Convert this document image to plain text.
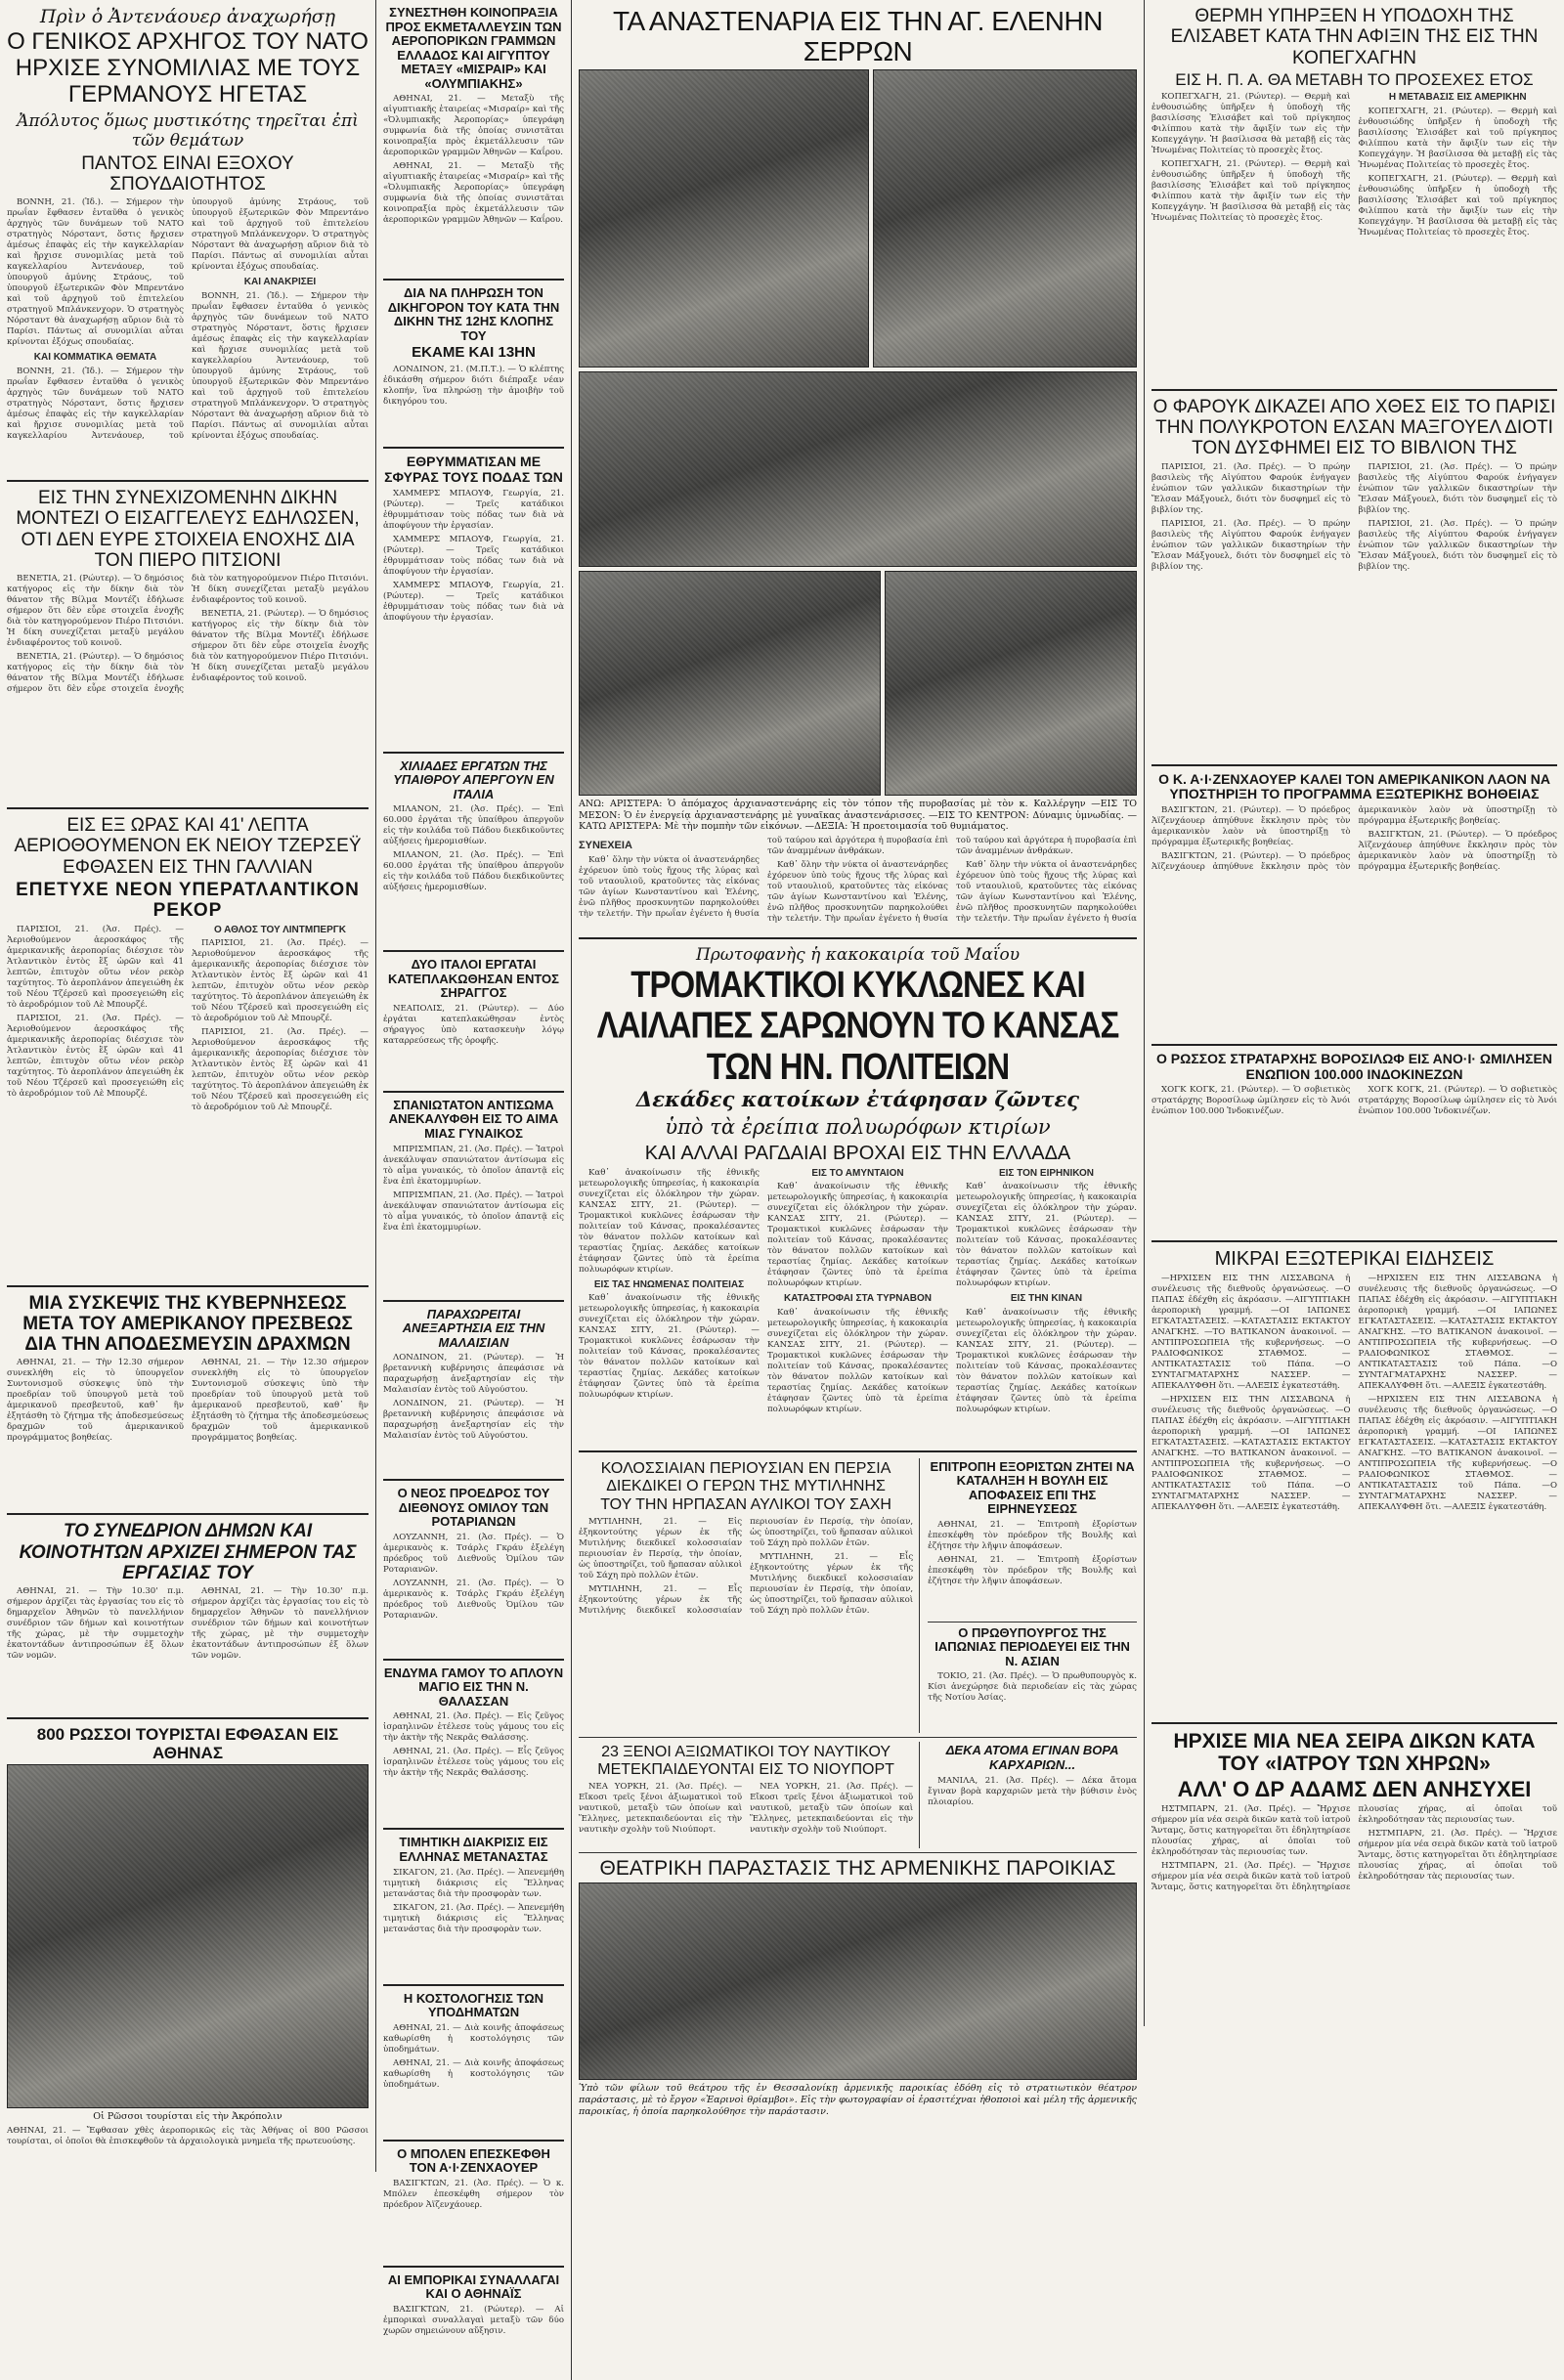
Πρὶν ὁ Ἀντενάουερ ἀναχωρήσῃ
Ο ΓΕΝΙΚΟΣ ΑΡΧΗΓΟΣ ΤΟΥ ΝΑΤΟ ΗΡΧΙΣΕ ΣΥΝΟΜΙΛΙΑΣ ΜΕ ΤΟΥΣ ΓΕΡΜΑΝΟΥΣ ΗΓΕΤΑΣ
Ἀπόλυτος ὅμως μυστικότης τηρεῖται ἐπὶ τῶν θεμάτων
ΠΑΝΤΟΣ ΕΙΝΑΙ ΕΞΟΧΟΥ ΣΠΟΥΔΑΙΟΤΗΤΟΣ

ΒΟΝΝΗ, 21. (Ἰδ.). — Σήμερον τὴν πρωΐαν ἔφθασεν ἐνταῦθα ὁ γενικὸς ἀρχηγὸς τῶν δυνάμεων τοῦ ΝΑΤΟ στρατηγὸς Νόρσταντ, ὅστις ἤρχισεν ἀμέσως ἐπαφὰς εἰς τὴν καγκελλαρίαν καὶ ἤρχισε συνομιλίας μετὰ τοῦ καγκελλαρίου Ἀντενάουερ, τοῦ ὑπουργοῦ ἀμύνης Στράους, τοῦ ὑπουργοῦ ἐξωτερικῶν Φὸν Μπρεντάνο καὶ τοῦ ἀρχηγοῦ τοῦ ἐπιτελείου στρατηγοῦ Μπλάνκενχορν. Ὁ στρατηγὸς Νόρσταντ θὰ ἀναχωρήσῃ αὔριον διὰ τὸ Παρίσι. Πάντως αἱ συνομιλίαι αὗται κρίνονται ἐξόχως σπουδαίας.

ΚΑΙ ΚΟΜΜΑΤΙΚΑ ΘΕΜΑΤΑ

ΒΟΝΝΗ, 21. (Ἰδ.). — Σήμερον τὴν πρωΐαν ἔφθασεν ἐνταῦθα ὁ γενικὸς ἀρχηγὸς τῶν δυνάμεων τοῦ ΝΑΤΟ στρατηγὸς Νόρσταντ, ὅστις ἤρχισεν ἀμέσως ἐπαφὰς εἰς τὴν καγκελλαρίαν καὶ ἤρχισε συνομιλίας μετὰ τοῦ καγκελλαρίου Ἀντενάουερ, τοῦ ὑπουργοῦ ἀμύνης Στράους, τοῦ ὑπουργοῦ ἐξωτερικῶν Φὸν Μπρεντάνο καὶ τοῦ ἀρχηγοῦ τοῦ ἐπιτελείου στρατηγοῦ Μπλάνκενχορν. Ὁ στρατηγὸς Νόρσταντ θὰ ἀναχωρήσῃ αὔριον διὰ τὸ Παρίσι. Πάντως αἱ συνομιλίαι αὗται κρίνονται ἐξόχως σπουδαίας.

ΚΑΙ ΑΝΑΚΡΙΣΕΙ

ΒΟΝΝΗ, 21. (Ἰδ.). — Σήμερον τὴν πρωΐαν ἔφθασεν ἐνταῦθα ὁ γενικὸς ἀρχηγὸς τῶν δυνάμεων τοῦ ΝΑΤΟ στρατηγὸς Νόρσταντ, ὅστις ἤρχισεν ἀμέσως ἐπαφὰς εἰς τὴν καγκελλαρίαν καὶ ἤρχισε συνομιλίας μετὰ τοῦ καγκελλαρίου Ἀντενάουερ, τοῦ ὑπουργοῦ ἀμύνης Στράους, τοῦ ὑπουργοῦ ἐξωτερικῶν Φὸν Μπρεντάνο καὶ τοῦ ἀρχηγοῦ τοῦ ἐπιτελείου στρατηγοῦ Μπλάνκενχορν. Ὁ στρατηγὸς Νόρσταντ θὰ ἀναχωρήσῃ αὔριον διὰ τὸ Παρίσι. Πάντως αἱ συνομιλίαι αὗται κρίνονται ἐξόχως σπουδαίας.

ΕΙΣ ΤΗΝ ΣΥΝΕΧΙΖΟΜΕΝΗΝ ΔΙΚΗΝ ΜΟΝΤΕΖΙ Ο ΕΙΣΑΓΓΕΛΕΥΣ ΕΔΗΛΩΣΕΝ, ΟΤΙ ΔΕΝ ΕΥΡΕ ΣΤΟΙΧΕΙΑ ΕΝΟΧΗΣ ΔΙΑ ΤΟΝ ΠΙΕΡΟ ΠΙΤΣΙΟΝΙ

ΒΕΝΕΤΙΑ, 21. (Ρώυτερ). — Ὁ δημόσιος κατήγορος εἰς τὴν δίκην διὰ τὸν θάνατον τῆς Βίλμα Μοντέζι ἐδήλωσε σήμερον ὅτι δὲν εὗρε στοιχεῖα ἐνοχῆς διὰ τὸν κατηγορούμενον Πιέρο Πιτσιόνι. Ἡ δίκη συνεχίζεται μεταξὺ μεγάλου ἐνδιαφέροντος τοῦ κοινοῦ.

ΒΕΝΕΤΙΑ, 21. (Ρώυτερ). — Ὁ δημόσιος κατήγορος εἰς τὴν δίκην διὰ τὸν θάνατον τῆς Βίλμα Μοντέζι ἐδήλωσε σήμερον ὅτι δὲν εὗρε στοιχεῖα ἐνοχῆς διὰ τὸν κατηγορούμενον Πιέρο Πιτσιόνι. Ἡ δίκη συνεχίζεται μεταξὺ μεγάλου ἐνδιαφέροντος τοῦ κοινοῦ.

ΒΕΝΕΤΙΑ, 21. (Ρώυτερ). — Ὁ δημόσιος κατήγορος εἰς τὴν δίκην διὰ τὸν θάνατον τῆς Βίλμα Μοντέζι ἐδήλωσε σήμερον ὅτι δὲν εὗρε στοιχεῖα ἐνοχῆς διὰ τὸν κατηγορούμενον Πιέρο Πιτσιόνι. Ἡ δίκη συνεχίζεται μεταξὺ μεγάλου ἐνδιαφέροντος τοῦ κοινοῦ.

ΕΙΣ ΕΞ ΩΡΑΣ ΚΑΙ 41' ΛΕΠΤΑ ΑΕΡΙΟΘΟΥΜΕΝΟΝ ΕΚ ΝΕΙΟΥ ΤΖΕΡΣΕΫ ΕΦΘΑΣΕΝ ΕΙΣ ΤΗΝ ΓΑΛΛΙΑΝ
ΕΠΕΤΥΧΕ ΝΕΟΝ ΥΠΕΡΑΤΛΑΝΤΙΚΟΝ ΡΕΚΟΡ

ΠΑΡΙΣΙΟΙ, 21. (Ἀσ. Πρές). — Ἀεριοθούμενον ἀεροσκάφος τῆς ἀμερικανικῆς ἀεροπορίας διέσχισε τὸν Ἀτλαντικὸν ἐντὸς ἓξ ὡρῶν καὶ 41 λεπτῶν, ἐπιτυχὸν οὕτω νέον ρεκὸρ ταχύτητος. Τὸ ἀεροπλάνον ἀπεγειώθη ἐκ τοῦ Νέου Τζέρσεϋ καὶ προσεγειώθη εἰς τὸ ἀεροδρόμιον τοῦ Λὲ Μπουρζέ.

ΠΑΡΙΣΙΟΙ, 21. (Ἀσ. Πρές). — Ἀεριοθούμενον ἀεροσκάφος τῆς ἀμερικανικῆς ἀεροπορίας διέσχισε τὸν Ἀτλαντικὸν ἐντὸς ἓξ ὡρῶν καὶ 41 λεπτῶν, ἐπιτυχὸν οὕτω νέον ρεκὸρ ταχύτητος. Τὸ ἀεροπλάνον ἀπεγειώθη ἐκ τοῦ Νέου Τζέρσεϋ καὶ προσεγειώθη εἰς τὸ ἀεροδρόμιον τοῦ Λὲ Μπουρζέ.

Ο ΑΘΛΟΣ ΤΟΥ ΛΙΝΤΜΠΕΡΓΚ

ΠΑΡΙΣΙΟΙ, 21. (Ἀσ. Πρές). — Ἀεριοθούμενον ἀεροσκάφος τῆς ἀμερικανικῆς ἀεροπορίας διέσχισε τὸν Ἀτλαντικὸν ἐντὸς ἓξ ὡρῶν καὶ 41 λεπτῶν, ἐπιτυχὸν οὕτω νέον ρεκὸρ ταχύτητος. Τὸ ἀεροπλάνον ἀπεγειώθη ἐκ τοῦ Νέου Τζέρσεϋ καὶ προσεγειώθη εἰς τὸ ἀεροδρόμιον τοῦ Λὲ Μπουρζέ.

ΠΑΡΙΣΙΟΙ, 21. (Ἀσ. Πρές). — Ἀεριοθούμενον ἀεροσκάφος τῆς ἀμερικανικῆς ἀεροπορίας διέσχισε τὸν Ἀτλαντικὸν ἐντὸς ἓξ ὡρῶν καὶ 41 λεπτῶν, ἐπιτυχὸν οὕτω νέον ρεκὸρ ταχύτητος. Τὸ ἀεροπλάνον ἀπεγειώθη ἐκ τοῦ Νέου Τζέρσεϋ καὶ προσεγειώθη εἰς τὸ ἀεροδρόμιον τοῦ Λὲ Μπουρζέ.

ΜΙΑ ΣΥΣΚΕΨΙΣ ΤΗΣ ΚΥΒΕΡΝΗΣΕΩΣ ΜΕΤΑ ΤΟΥ ΑΜΕΡΙΚΑΝΟΥ ΠΡΕΣΒΕΩΣ ΔΙΑ ΤΗΝ ΑΠΟΔΕΣΜΕΥΣΙΝ ΔΡΑΧΜΩΝ

ΑΘΗΝΑΙ, 21. — Τὴν 12.30 σήμερον συνεκλήθη εἰς τὸ ὑπουργεῖον Συντονισμοῦ σύσκεψις ὑπὸ τὴν προεδρίαν τοῦ ὑπουργοῦ μετὰ τοῦ ἀμερικανοῦ πρεσβευτοῦ, καθ᾽ ἣν ἐξητάσθη τὸ ζήτημα τῆς ἀποδεσμεύσεως δραχμῶν τοῦ ἀμερικανικοῦ προγράμματος βοηθείας.

ΑΘΗΝΑΙ, 21. — Τὴν 12.30 σήμερον συνεκλήθη εἰς τὸ ὑπουργεῖον Συντονισμοῦ σύσκεψις ὑπὸ τὴν προεδρίαν τοῦ ὑπουργοῦ μετὰ τοῦ ἀμερικανοῦ πρεσβευτοῦ, καθ᾽ ἣν ἐξητάσθη τὸ ζήτημα τῆς ἀποδεσμεύσεως δραχμῶν τοῦ ἀμερικανικοῦ προγράμματος βοηθείας.

ΤΟ ΣΥΝΕΔΡΙΟΝ ΔΗΜΩΝ ΚΑΙ ΚΟΙΝΟΤΗΤΩΝ ΑΡΧΙΖΕΙ ΣΗΜΕΡΟΝ ΤΑΣ ΕΡΓΑΣΙΑΣ ΤΟΥ

ΑΘΗΝΑΙ, 21. — Τὴν 10.30' π.μ. σήμερον ἀρχίζει τὰς ἐργασίας του εἰς τὸ δημαρχεῖον Ἀθηνῶν τὸ πανελλήνιον συνέδριον τῶν δήμων καὶ κοινοτήτων τῆς χώρας, μὲ τὴν συμμετοχὴν ἑκατοντάδων ἀντιπροσώπων ἐξ ὅλων τῶν νομῶν.

ΑΘΗΝΑΙ, 21. — Τὴν 10.30' π.μ. σήμερον ἀρχίζει τὰς ἐργασίας του εἰς τὸ δημαρχεῖον Ἀθηνῶν τὸ πανελλήνιον συνέδριον τῶν δήμων καὶ κοινοτήτων τῆς χώρας, μὲ τὴν συμμετοχὴν ἑκατοντάδων ἀντιπροσώπων ἐξ ὅλων τῶν νομῶν.

800 ΡΩΣΣΟΙ ΤΟΥΡΙΣΤΑΙ ΕΦΘΑΣΑΝ ΕΙΣ ΑΘΗΝΑΣ
Οἱ Ρῶσσοι τουρίσται εἰς τὴν Ἀκρόπολιν
ΑΘΗΝΑΙ, 21. — Ἔφθασαν χθὲς ἀεροπορικῶς εἰς τὰς Ἀθήνας οἱ 800 Ρῶσσοι τουρίσται, οἱ ὁποῖοι θὰ ἐπισκεφθοῦν τὰ ἀρχαιολογικὰ μνημεῖα τῆς πρωτευούσης.
ΣΥΝΕΣΤΗΘΗ ΚΟΙΝΟΠΡΑΞΙΑ ΠΡΟΣ ΕΚΜΕΤΑΛΛΕΥΣΙΝ ΤΩΝ ΑΕΡΟΠΟΡΙΚΩΝ ΓΡΑΜΜΩΝ ΕΛΛΑΔΟΣ ΚΑΙ ΑΙΓΥΠΤΟΥ ΜΕΤΑΞΥ «ΜΙΣΡΑΙΡ» ΚΑΙ «ΟΛΥΜΠΙΑΚΗΣ»

ΑΘΗΝΑΙ, 21. — Μεταξὺ τῆς αἰγυπτιακῆς ἑταιρείας «Μισραίρ» καὶ τῆς «Ὀλυμπιακῆς Ἀεροπορίας» ὑπεγράφη συμφωνία διὰ τῆς ὁποίας συνιστᾶται κοινοπραξία πρὸς ἐκμετάλλευσιν τῶν ἀεροπορικῶν γραμμῶν Ἀθηνῶν — Καΐρου.

ΑΘΗΝΑΙ, 21. — Μεταξὺ τῆς αἰγυπτιακῆς ἑταιρείας «Μισραίρ» καὶ τῆς «Ὀλυμπιακῆς Ἀεροπορίας» ὑπεγράφη συμφωνία διὰ τῆς ὁποίας συνιστᾶται κοινοπραξία πρὸς ἐκμετάλλευσιν τῶν ἀεροπορικῶν γραμμῶν Ἀθηνῶν — Καΐρου.

ΔΙΑ ΝΑ ΠΛΗΡΩΣΗ ΤΟΝ ΔΙΚΗΓΟΡΟΝ ΤΟΥ ΚΑΤΑ ΤΗΝ ΔΙΚΗΝ ΤΗΣ 12ΗΣ ΚΛΟΠΗΣ ΤΟΥ
ΕΚΑΜΕ ΚΑΙ 13ΗΝ

ΛΟΝΔΙΝΟΝ, 21. (Μ.Π.Τ.). — Ὁ κλέπτης ἐδικάσθη σήμερον διότι διέπραξε νέαν κλοπήν, ἵνα πληρώσῃ τὴν ἀμοιβὴν τοῦ δικηγόρου του.

ΕΘΡΥΜΜΑΤΙΣΑΝ ΜΕ ΣΦΥΡΑΣ ΤΟΥΣ ΠΟΔΑΣ ΤΩΝ

ΧΑΜΜΕΡΣ ΜΠΑΟΥΦ, Γεωργία, 21. (Ρώυτερ). — Τρεῖς κατάδικοι ἐθρυμμάτισαν τοὺς πόδας των διὰ νὰ ἀποφύγουν τὴν ἐργασίαν.

ΧΑΜΜΕΡΣ ΜΠΑΟΥΦ, Γεωργία, 21. (Ρώυτερ). — Τρεῖς κατάδικοι ἐθρυμμάτισαν τοὺς πόδας των διὰ νὰ ἀποφύγουν τὴν ἐργασίαν.

ΧΑΜΜΕΡΣ ΜΠΑΟΥΦ, Γεωργία, 21. (Ρώυτερ). — Τρεῖς κατάδικοι ἐθρυμμάτισαν τοὺς πόδας των διὰ νὰ ἀποφύγουν τὴν ἐργασίαν.

ΧΙΛΙΑΔΕΣ ΕΡΓΑΤΩΝ ΤΗΣ ΥΠΑΙΘΡΟΥ ΑΠΕΡΓΟΥΝ ΕΝ ΙΤΑΛΙΑ

ΜΙΛΑΝΟΝ, 21. (Ἀσ. Πρές). — Ἐπὶ 60.000 ἐργάται τῆς ὑπαίθρου ἀπεργοῦν εἰς τὴν κοιλάδα τοῦ Πάδου διεκδικοῦντες αὐξήσεις ἡμερομισθίων.

ΜΙΛΑΝΟΝ, 21. (Ἀσ. Πρές). — Ἐπὶ 60.000 ἐργάται τῆς ὑπαίθρου ἀπεργοῦν εἰς τὴν κοιλάδα τοῦ Πάδου διεκδικοῦντες αὐξήσεις ἡμερομισθίων.

ΔΥΟ ΙΤΑΛΟΙ ΕΡΓΑΤΑΙ ΚΑΤΕΠΛΑΚΩΘΗΣΑΝ ΕΝΤΟΣ ΣΗΡΑΓΓΟΣ

ΝΕΑΠΟΛΙΣ, 21. (Ρώυτερ). — Δύο ἐργάται κατεπλακώθησαν ἐντὸς σήραγγος ὑπὸ κατασκευὴν λόγῳ καταρρεύσεως τῆς ὀροφῆς.

ΣΠΑΝΙΩΤΑΤΟΝ ΑΝΤΙΣΩΜΑ ΑΝΕΚΑΛΥΦΘΗ ΕΙΣ ΤΟ ΑΙΜΑ ΜΙΑΣ ΓΥΝΑΙΚΟΣ

ΜΠΡΙΣΜΠΑΝ, 21. (Ἀσ. Πρές). — Ἰατροὶ ἀνεκάλυψαν σπανιώτατον ἀντίσωμα εἰς τὸ αἷμα γυναικός, τὸ ὁποῖον ἀπαντᾷ εἰς ἕνα ἐπὶ ἑκατομμυρίων.

ΜΠΡΙΣΜΠΑΝ, 21. (Ἀσ. Πρές). — Ἰατροὶ ἀνεκάλυψαν σπανιώτατον ἀντίσωμα εἰς τὸ αἷμα γυναικός, τὸ ὁποῖον ἀπαντᾷ εἰς ἕνα ἐπὶ ἑκατομμυρίων.

ΠΑΡΑΧΩΡΕΙΤΑΙ ΑΝΕΞΑΡΤΗΣΙΑ ΕΙΣ ΤΗΝ ΜΑΛΑΙΣΙΑΝ

ΛΟΝΔΙΝΟΝ, 21. (Ρώυτερ). — Ἡ βρεταννικὴ κυβέρνησις ἀπεφάσισε νὰ παραχωρήσῃ ἀνεξαρτησίαν εἰς τὴν Μαλαισίαν ἐντὸς τοῦ Αὐγούστου.

ΛΟΝΔΙΝΟΝ, 21. (Ρώυτερ). — Ἡ βρεταννικὴ κυβέρνησις ἀπεφάσισε νὰ παραχωρήσῃ ἀνεξαρτησίαν εἰς τὴν Μαλαισίαν ἐντὸς τοῦ Αὐγούστου.

Ο ΝΕΟΣ ΠΡΟΕΔΡΟΣ ΤΟΥ ΔΙΕΘΝΟΥΣ ΟΜΙΛΟΥ ΤΩΝ ΡΟΤΑΡΙΑΝΩΝ

ΛΟΥΖΑΝΝΗ, 21. (Ἀσ. Πρές). — Ὁ ἀμερικανὸς κ. Τσάρλς Γκράυ ἐξελέγη πρόεδρος τοῦ Διεθνοῦς Ὁμίλου τῶν Ροταριανῶν.

ΛΟΥΖΑΝΝΗ, 21. (Ἀσ. Πρές). — Ὁ ἀμερικανὸς κ. Τσάρλς Γκράυ ἐξελέγη πρόεδρος τοῦ Διεθνοῦς Ὁμίλου τῶν Ροταριανῶν.

ΕΝΔΥΜΑ ΓΑΜΟΥ ΤΟ ΑΠΛΟΥΝ ΜΑΓΙΟ ΕΙΣ ΤΗΝ Ν. ΘΑΛΑΣΣΑΝ

ΑΘΗΝΑΙ, 21. (Ἀσ. Πρές). — Εἷς ζεῦγος ἰσραηλινῶν ἐτέλεσε τοὺς γάμους του εἰς τὴν ἀκτὴν τῆς Νεκρᾶς Θαλάσσης.

ΑΘΗΝΑΙ, 21. (Ἀσ. Πρές). — Εἷς ζεῦγος ἰσραηλινῶν ἐτέλεσε τοὺς γάμους του εἰς τὴν ἀκτὴν τῆς Νεκρᾶς Θαλάσσης.

ΤΙΜΗΤΙΚΗ ΔΙΑΚΡΙΣΙΣ ΕΙΣ ΕΛΛΗΝΑΣ ΜΕΤΑΝΑΣΤΑΣ

ΣΙΚΑΓΟΝ, 21. (Ἀσ. Πρές). — Ἀπενεμήθη τιμητικὴ διάκρισις εἰς Ἕλληνας μετανάστας διὰ τὴν προσφορὰν των.

ΣΙΚΑΓΟΝ, 21. (Ἀσ. Πρές). — Ἀπενεμήθη τιμητικὴ διάκρισις εἰς Ἕλληνας μετανάστας διὰ τὴν προσφορὰν των.

Η ΚΟΣΤΟΛΟΓΗΣΙΣ ΤΩΝ ΥΠΟΔΗΜΑΤΩΝ

ΑΘΗΝΑΙ, 21. — Διὰ κοινῆς ἀποφάσεως καθωρίσθη ἡ κοστολόγησις τῶν ὑποδημάτων.

ΑΘΗΝΑΙ, 21. — Διὰ κοινῆς ἀποφάσεως καθωρίσθη ἡ κοστολόγησις τῶν ὑποδημάτων.

Ο ΜΠΟΛΕΝ ΕΠΕΣΚΕΦΘΗ ΤΟΝ Α·Ι·ΖΕΝΧΑΟΥΕΡ

ΒΑΣΙΓΚΤΩΝ, 21. (Ἀσ. Πρές). — Ὁ κ. Μπόλεν ἐπεσκέφθη σήμερον τὸν πρόεδρον Ἀϊζενχάουερ.

ΑΙ ΕΜΠΟΡΙΚΑΙ ΣΥΝΑΛΛΑΓΑΙ ΚΑΙ Ο ΑΘΗΝΑΪΣ

ΒΑΣΙΓΚΤΩΝ, 21. (Ρώυτερ). — Αἱ ἐμπορικαὶ συναλλαγαὶ μεταξὺ τῶν δύο χωρῶν σημειώνουν αὔξησιν.

ΤΑ ΑΝΑΣΤΕΝΑΡΙΑ ΕΙΣ ΤΗΝ ΑΓ. ΕΛΕΝΗΝ ΣΕΡΡΩΝ
ΑΝΩ: ΑΡΙΣΤΕΡΑ: Ὁ ἀπόμαχος ἀρχιαναστενάρης εἰς τὸν τόπον τῆς πυροβασίας μὲ τὸν κ. Καλλέργην —ΕΙΣ ΤΟ ΜΕΣΟΝ: Ὁ ἐν ἐνεργείᾳ ἀρχιαναστενάρης μὲ γυναῖκας ἀναστενάρισσες. —ΕΙΣ ΤΟ ΚΕΝΤΡΟΝ: Δύναμις ὑμνωδίας. —ΚΑΤΩ ΑΡΙΣΤΕΡΑ: Μὲ τὴν πομπὴν τῶν εἰκόνων. —ΔΕΞΙΑ: Ἡ προετοιμασία τοῦ θυμιάματος.
ΣΥΝΕΧΕΙΑ

Καθ᾽ ὅλην τὴν νύκτα οἱ ἀναστενάρηδες ἐχόρευον ὑπὸ τοὺς ἤχους τῆς λύρας καὶ τοῦ νταουλιοῦ, κρατοῦντες τὰς εἰκόνας τῶν ἁγίων Κωνσταντίνου καὶ Ἑλένης, ἐνῶ πλῆθος προσκυνητῶν παρηκολούθει τὴν τελετήν. Τὴν πρωΐαν ἐγένετο ἡ θυσία τοῦ ταύρου καὶ ἀργότερα ἡ πυροβασία ἐπὶ τῶν ἀναμμένων ἀνθράκων.

Καθ᾽ ὅλην τὴν νύκτα οἱ ἀναστενάρηδες ἐχόρευον ὑπὸ τοὺς ἤχους τῆς λύρας καὶ τοῦ νταουλιοῦ, κρατοῦντες τὰς εἰκόνας τῶν ἁγίων Κωνσταντίνου καὶ Ἑλένης, ἐνῶ πλῆθος προσκυνητῶν παρηκολούθει τὴν τελετήν. Τὴν πρωΐαν ἐγένετο ἡ θυσία τοῦ ταύρου καὶ ἀργότερα ἡ πυροβασία ἐπὶ τῶν ἀναμμένων ἀνθράκων.

Καθ᾽ ὅλην τὴν νύκτα οἱ ἀναστενάρηδες ἐχόρευον ὑπὸ τοὺς ἤχους τῆς λύρας καὶ τοῦ νταουλιοῦ, κρατοῦντες τὰς εἰκόνας τῶν ἁγίων Κωνσταντίνου καὶ Ἑλένης, ἐνῶ πλῆθος προσκυνητῶν παρηκολούθει τὴν τελετήν. Τὴν πρωΐαν ἐγένετο ἡ θυσία

Πρωτοφανὴς ἡ κακοκαιρία τοῦ Μαΐου
ΤΡΟΜΑΚΤΙΚΟΙ ΚΥΚΛΩΝΕΣ ΚΑΙ ΛΑΙΛΑΠΕΣ ΣΑΡΩΝΟΥΝ ΤΟ ΚΑΝΣΑΣ ΤΩΝ ΗΝ. ΠΟΛΙΤΕΙΩΝ
Δεκάδες κατοίκων ἐτάφησαν ζῶντες
ὑπὸ τὰ ἐρείπια πολυωρόφων κτιρίων
ΚΑΙ ΑΛΛΑΙ ΡΑΓΔΑΙΑΙ ΒΡΟΧΑΙ ΕΙΣ ΤΗΝ ΕΛΛΑΔΑ

Καθ᾽ ἀνακοίνωσιν τῆς ἐθνικῆς μετεωρολογικῆς ὑπηρεσίας, ἡ κακοκαιρία συνεχίζεται εἰς ὁλόκληρον τὴν χώραν. ΚΑΝΣΑΣ ΣΙΤΥ, 21. (Ρώυτερ). — Τρομακτικοὶ κυκλῶνες ἐσάρωσαν τὴν πολιτείαν τοῦ Κάνσας, προκαλέσαντες τὸν θάνατον πολλῶν κατοίκων καὶ τεραστίας ζημίας. Δεκάδες κατοίκων ἐτάφησαν ζῶντες ὑπὸ τὰ ἐρείπια πολυωρόφων κτιρίων.

ΕΙΣ ΤΑΣ ΗΝΩΜΕΝΑΣ ΠΟΛΙΤΕΙΑΣ

Καθ᾽ ἀνακοίνωσιν τῆς ἐθνικῆς μετεωρολογικῆς ὑπηρεσίας, ἡ κακοκαιρία συνεχίζεται εἰς ὁλόκληρον τὴν χώραν. ΚΑΝΣΑΣ ΣΙΤΥ, 21. (Ρώυτερ). — Τρομακτικοὶ κυκλῶνες ἐσάρωσαν τὴν πολιτείαν τοῦ Κάνσας, προκαλέσαντες τὸν θάνατον πολλῶν κατοίκων καὶ τεραστίας ζημίας. Δεκάδες κατοίκων ἐτάφησαν ζῶντες ὑπὸ τὰ ἐρείπια πολυωρόφων κτιρίων.

ΕΙΣ ΤΟ ΑΜΥΝΤΑΙΟΝ

Καθ᾽ ἀνακοίνωσιν τῆς ἐθνικῆς μετεωρολογικῆς ὑπηρεσίας, ἡ κακοκαιρία συνεχίζεται εἰς ὁλόκληρον τὴν χώραν. ΚΑΝΣΑΣ ΣΙΤΥ, 21. (Ρώυτερ). — Τρομακτικοὶ κυκλῶνες ἐσάρωσαν τὴν πολιτείαν τοῦ Κάνσας, προκαλέσαντες τὸν θάνατον πολλῶν κατοίκων καὶ τεραστίας ζημίας. Δεκάδες κατοίκων ἐτάφησαν ζῶντες ὑπὸ τὰ ἐρείπια πολυωρόφων κτιρίων.

ΚΑΤΑΣΤΡΟΦΑΙ ΣΤΑ ΤΥΡΝΑΒΟΝ

Καθ᾽ ἀνακοίνωσιν τῆς ἐθνικῆς μετεωρολογικῆς ὑπηρεσίας, ἡ κακοκαιρία συνεχίζεται εἰς ὁλόκληρον τὴν χώραν. ΚΑΝΣΑΣ ΣΙΤΥ, 21. (Ρώυτερ). — Τρομακτικοὶ κυκλῶνες ἐσάρωσαν τὴν πολιτείαν τοῦ Κάνσας, προκαλέσαντες τὸν θάνατον πολλῶν κατοίκων καὶ τεραστίας ζημίας. Δεκάδες κατοίκων ἐτάφησαν ζῶντες ὑπὸ τὰ ἐρείπια πολυωρόφων κτιρίων.

ΕΙΣ ΤΟΝ ΕΙΡΗΝΙΚΟΝ

Καθ᾽ ἀνακοίνωσιν τῆς ἐθνικῆς μετεωρολογικῆς ὑπηρεσίας, ἡ κακοκαιρία συνεχίζεται εἰς ὁλόκληρον τὴν χώραν. ΚΑΝΣΑΣ ΣΙΤΥ, 21. (Ρώυτερ). — Τρομακτικοὶ κυκλῶνες ἐσάρωσαν τὴν πολιτείαν τοῦ Κάνσας, προκαλέσαντες τὸν θάνατον πολλῶν κατοίκων καὶ τεραστίας ζημίας. Δεκάδες κατοίκων ἐτάφησαν ζῶντες ὑπὸ τὰ ἐρείπια πολυωρόφων κτιρίων.

ΕΙΣ ΤΗΝ ΚΙΝΑΝ

Καθ᾽ ἀνακοίνωσιν τῆς ἐθνικῆς μετεωρολογικῆς ὑπηρεσίας, ἡ κακοκαιρία συνεχίζεται εἰς ὁλόκληρον τὴν χώραν. ΚΑΝΣΑΣ ΣΙΤΥ, 21. (Ρώυτερ). — Τρομακτικοὶ κυκλῶνες ἐσάρωσαν τὴν πολιτείαν τοῦ Κάνσας, προκαλέσαντες τὸν θάνατον πολλῶν κατοίκων καὶ τεραστίας ζημίας. Δεκάδες κατοίκων ἐτάφησαν ζῶντες ὑπὸ τὰ ἐρείπια πολυωρόφων κτιρίων.

ΚΟΛΟΣΣΙΑΙΑΝ ΠΕΡΙΟΥΣΙΑΝ ΕΝ ΠΕΡΣΙΑ ΔΙΕΚΔΙΚΕΙ Ο ΓΕΡΩΝ ΤΗΣ ΜΥΤΙΛΗΝΗΣ
ΤΟΥ ΤΗΝ ΗΡΠΑΣΑΝ ΑΥΛΙΚΟΙ ΤΟΥ ΣΑΧΗ

ΜΥΤΙΛΗΝΗ, 21. — Εἷς ἐξηκοντούτης γέρων ἐκ τῆς Μυτιλήνης διεκδικεῖ κολοσσιαίαν περιουσίαν ἐν Περσίᾳ, τὴν ὁποίαν, ὡς ὑποστηρίζει, τοῦ ἥρπασαν αὐλικοὶ τοῦ Σάχη πρὸ πολλῶν ἐτῶν.

ΜΥΤΙΛΗΝΗ, 21. — Εἷς ἐξηκοντούτης γέρων ἐκ τῆς Μυτιλήνης διεκδικεῖ κολοσσιαίαν περιουσίαν ἐν Περσίᾳ, τὴν ὁποίαν, ὡς ὑποστηρίζει, τοῦ ἥρπασαν αὐλικοὶ τοῦ Σάχη πρὸ πολλῶν ἐτῶν.

ΜΥΤΙΛΗΝΗ, 21. — Εἷς ἐξηκοντούτης γέρων ἐκ τῆς Μυτιλήνης διεκδικεῖ κολοσσιαίαν περιουσίαν ἐν Περσίᾳ, τὴν ὁποίαν, ὡς ὑποστηρίζει, τοῦ ἥρπασαν αὐλικοὶ τοῦ Σάχη πρὸ πολλῶν ἐτῶν.

ΕΠΙΤΡΟΠΗ ΕΞΟΡΙΣΤΩΝ ΖΗΤΕΙ ΝΑ ΚΑΤΑΛΗΞΗ Η ΒΟΥΛΗ ΕΙΣ ΑΠΟΦΑΣΕΙΣ ΕΠΙ ΤΗΣ ΕΙΡΗΝΕΥΣΕΩΣ

ΑΘΗΝΑΙ, 21. — Ἐπιτροπὴ ἐξορίστων ἐπεσκέφθη τὸν πρόεδρον τῆς Βουλῆς καὶ ἐζήτησε τὴν λῆψιν ἀποφάσεων.

ΑΘΗΝΑΙ, 21. — Ἐπιτροπὴ ἐξορίστων ἐπεσκέφθη τὸν πρόεδρον τῆς Βουλῆς καὶ ἐζήτησε τὴν λῆψιν ἀποφάσεων.

Ο ΠΡΩΘΥΠΟΥΡΓΟΣ ΤΗΣ ΙΑΠΩΝΙΑΣ ΠΕΡΙΟΔΕΥΕΙ ΕΙΣ ΤΗΝ Ν. ΑΣΙΑΝ

ΤΟΚΙΟ, 21. (Ἀσ. Πρές). — Ὁ πρωθυπουργὸς κ. Κίσι ἀνεχώρησε διὰ περιοδείαν εἰς τὰς χώρας τῆς Νοτίου Ἀσίας.

23 ΞΕΝΟΙ ΑΞΙΩΜΑΤΙΚΟΙ ΤΟΥ ΝΑΥΤΙΚΟΥ ΜΕΤΕΚΠΑΙΔΕΥΟΝΤΑΙ ΕΙΣ ΤΟ ΝΙΟΥΠΟΡΤ

ΝΕΑ ΥΟΡΚΗ, 21. (Ἀσ. Πρές). — Εἴκοσι τρεῖς ξένοι ἀξιωματικοὶ τοῦ ναυτικοῦ, μεταξὺ τῶν ὁποίων καὶ Ἕλληνες, μετεκπαιδεύονται εἰς τὴν ναυτικὴν σχολὴν τοῦ Νιούπορτ.

ΝΕΑ ΥΟΡΚΗ, 21. (Ἀσ. Πρές). — Εἴκοσι τρεῖς ξένοι ἀξιωματικοὶ τοῦ ναυτικοῦ, μεταξὺ τῶν ὁποίων καὶ Ἕλληνες, μετεκπαιδεύονται εἰς τὴν ναυτικὴν σχολὴν τοῦ Νιούπορτ.

ΔΕΚΑ ΑΤΟΜΑ ΕΓΙΝΑΝ ΒΟΡΑ ΚΑΡΧΑΡΙΩΝ...

ΜΑΝΙΛΑ, 21. (Ἀσ. Πρές). — Δέκα ἄτομα ἔγιναν βορὰ καρχαριῶν μετὰ τὴν βύθισιν ἑνὸς πλοιαρίου.

ΘΕΑΤΡΙΚΗ ΠΑΡΑΣΤΑΣΙΣ ΤΗΣ ΑΡΜΕΝΙΚΗΣ ΠΑΡΟΙΚΙΑΣ
Ὑπὸ τῶν φίλων τοῦ θεάτρου τῆς ἐν Θεσσαλονίκῃ ἀρμενικῆς παροικίας ἐδόθη εἰς τὸ στρατιωτικὸν θέατρον παράστασις, μὲ τὸ ἔργον «Ἑαρινοὶ θρίαμβοι». Εἰς τὴν φωτογραφίαν οἱ ἐρασιτέχναι ἠθοποιοὶ καὶ μέλη τῆς ἀρμενικῆς παροικίας, ἡ ὁποία παρηκολούθησε τὴν παράστασιν.
ΘΕΡΜΗ ΥΠΗΡΞΕΝ Η ΥΠΟΔΟΧΗ ΤΗΣ ΕΛΙΣΑΒΕΤ ΚΑΤΑ ΤΗΝ ΑΦΙΞΙΝ ΤΗΣ ΕΙΣ ΤΗΝ ΚΟΠΕΓΧΑΓΗΝ
ΕΙΣ Η. Π. Α. ΘΑ ΜΕΤΑΒΗ ΤΟ ΠΡΟΣΕΧΕΣ ΕΤΟΣ

ΚΟΠΕΓΧΑΓΗ, 21. (Ρώυτερ). — Θερμὴ καὶ ἐνθουσιώδης ὑπῆρξεν ἡ ὑποδοχὴ τῆς βασιλίσσης Ἐλισάβετ καὶ τοῦ πρίγκηπος Φιλίππου κατὰ τὴν ἄφιξίν των εἰς τὴν Κοπεγχάγην. Ἡ βασίλισσα θὰ μεταβῇ εἰς τὰς Ἡνωμένας Πολιτείας τὸ προσεχὲς ἔτος.

ΚΟΠΕΓΧΑΓΗ, 21. (Ρώυτερ). — Θερμὴ καὶ ἐνθουσιώδης ὑπῆρξεν ἡ ὑποδοχὴ τῆς βασιλίσσης Ἐλισάβετ καὶ τοῦ πρίγκηπος Φιλίππου κατὰ τὴν ἄφιξίν των εἰς τὴν Κοπεγχάγην. Ἡ βασίλισσα θὰ μεταβῇ εἰς τὰς Ἡνωμένας Πολιτείας τὸ προσεχὲς ἔτος.

Η ΜΕΤΑΒΑΣΙΣ ΕΙΣ ΑΜΕΡΙΚΗΝ

ΚΟΠΕΓΧΑΓΗ, 21. (Ρώυτερ). — Θερμὴ καὶ ἐνθουσιώδης ὑπῆρξεν ἡ ὑποδοχὴ τῆς βασιλίσσης Ἐλισάβετ καὶ τοῦ πρίγκηπος Φιλίππου κατὰ τὴν ἄφιξίν των εἰς τὴν Κοπεγχάγην. Ἡ βασίλισσα θὰ μεταβῇ εἰς τὰς Ἡνωμένας Πολιτείας τὸ προσεχὲς ἔτος.

ΚΟΠΕΓΧΑΓΗ, 21. (Ρώυτερ). — Θερμὴ καὶ ἐνθουσιώδης ὑπῆρξεν ἡ ὑποδοχὴ τῆς βασιλίσσης Ἐλισάβετ καὶ τοῦ πρίγκηπος Φιλίππου κατὰ τὴν ἄφιξίν των εἰς τὴν Κοπεγχάγην. Ἡ βασίλισσα θὰ μεταβῇ εἰς τὰς Ἡνωμένας Πολιτείας τὸ προσεχὲς ἔτος.

Ο ΦΑΡΟΥΚ ΔΙΚΑΖΕΙ ΑΠΟ ΧΘΕΣ ΕΙΣ ΤΟ ΠΑΡΙΣΙ ΤΗΝ ΠΟΛΥΚΡΟΤΟΝ ΕΛΣΑΝ ΜΑΞΓΟΥΕΛ ΔΙΟΤΙ ΤΟΝ ΔΥΣΦΗΜΕΙ ΕΙΣ ΤΟ ΒΙΒΛΙΟΝ ΤΗΣ

ΠΑΡΙΣΙΟΙ, 21. (Ἀσ. Πρές). — Ὁ πρώην βασιλεὺς τῆς Αἰγύπτου Φαρούκ ἐνήγαγεν ἐνώπιον τῶν γαλλικῶν δικαστηρίων τὴν Ἔλσαν Μάξγουελ, διότι τὸν δυσφημεῖ εἰς τὸ βιβλίον της.

ΠΑΡΙΣΙΟΙ, 21. (Ἀσ. Πρές). — Ὁ πρώην βασιλεὺς τῆς Αἰγύπτου Φαρούκ ἐνήγαγεν ἐνώπιον τῶν γαλλικῶν δικαστηρίων τὴν Ἔλσαν Μάξγουελ, διότι τὸν δυσφημεῖ εἰς τὸ βιβλίον της.

ΠΑΡΙΣΙΟΙ, 21. (Ἀσ. Πρές). — Ὁ πρώην βασιλεὺς τῆς Αἰγύπτου Φαρούκ ἐνήγαγεν ἐνώπιον τῶν γαλλικῶν δικαστηρίων τὴν Ἔλσαν Μάξγουελ, διότι τὸν δυσφημεῖ εἰς τὸ βιβλίον της.

ΠΑΡΙΣΙΟΙ, 21. (Ἀσ. Πρές). — Ὁ πρώην βασιλεὺς τῆς Αἰγύπτου Φαρούκ ἐνήγαγεν ἐνώπιον τῶν γαλλικῶν δικαστηρίων τὴν Ἔλσαν Μάξγουελ, διότι τὸν δυσφημεῖ εἰς τὸ βιβλίον της.

Ο Κ. Α·Ι·ΖΕΝΧΑΟΥΕΡ ΚΑΛΕΙ ΤΟΝ ΑΜΕΡΙΚΑΝΙΚΟΝ ΛΑΟΝ ΝΑ ΥΠΟΣΤΗΡΙΞΗ ΤΟ ΠΡΟΓΡΑΜΜΑ ΕΞΩΤΕΡΙΚΗΣ ΒΟΗΘΕΙΑΣ

ΒΑΣΙΓΚΤΩΝ, 21. (Ρώυτερ). — Ὁ πρόεδρος Ἀϊζενχάουερ ἀπηύθυνε ἔκκλησιν πρὸς τὸν ἀμερικανικὸν λαὸν νὰ ὑποστηρίξῃ τὸ πρόγραμμα ἐξωτερικῆς βοηθείας.

ΒΑΣΙΓΚΤΩΝ, 21. (Ρώυτερ). — Ὁ πρόεδρος Ἀϊζενχάουερ ἀπηύθυνε ἔκκλησιν πρὸς τὸν ἀμερικανικὸν λαὸν νὰ ὑποστηρίξῃ τὸ πρόγραμμα ἐξωτερικῆς βοηθείας.

ΒΑΣΙΓΚΤΩΝ, 21. (Ρώυτερ). — Ὁ πρόεδρος Ἀϊζενχάουερ ἀπηύθυνε ἔκκλησιν πρὸς τὸν ἀμερικανικὸν λαὸν νὰ ὑποστηρίξῃ τὸ πρόγραμμα ἐξωτερικῆς βοηθείας.

Ο ΡΩΣΣΟΣ ΣΤΡΑΤΑΡΧΗΣ ΒΟΡΟΣΙΛΩΦ ΕΙΣ ΑΝΟ·Ι· ΩΜΙΛΗΣΕΝ ΕΝΩΠΙΟΝ 100.000 ΙΝΔΟΚΙΝΕΖΩΝ

ΧΟΓΚ ΚΟΓΚ, 21. (Ρώυτερ). — Ὁ σοβιετικὸς στρατάρχης Βοροσίλωφ ὡμίλησεν εἰς τὸ Ἀνόι ἐνώπιον 100.000 Ἰνδοκινέζων.

ΧΟΓΚ ΚΟΓΚ, 21. (Ρώυτερ). — Ὁ σοβιετικὸς στρατάρχης Βοροσίλωφ ὡμίλησεν εἰς τὸ Ἀνόι ἐνώπιον 100.000 Ἰνδοκινέζων.

ΜΙΚΡΑΙ ΕΞΩΤΕΡΙΚΑΙ ΕΙΔΗΣΕΙΣ

—ΗΡΧΙΣΕΝ ΕΙΣ ΤΗΝ ΛΙΣΣΑΒΩΝΑ ἡ συνέλευσις τῆς διεθνοῦς ὀργανώσεως. —Ο ΠΑΠΑΣ ἐδέχθη εἰς ἀκρόασιν. —ΑΙΓΥΠΤΙΑΚΗ ἀεροπορικὴ γραμμή. —ΟΙ ΙΑΠΩΝΕΣ ΕΓΚΑΤΑΣΤΑΣΕΙΣ. —ΚΑΤΑΣΤΑΣΙΣ ΕΚΤΑΚΤΟΥ ΑΝΑΓΚΗΣ. —ΤΟ ΒΑΤΙΚΑΝΟΝ ἀνακοινοῖ. —ΑΝΤΙΠΡΟΣΩΠΕΙΑ τῆς κυβερνήσεως. —Ο ΡΑΔΙΟΦΩΝΙΚΟΣ ΣΤΑΘΜΟΣ. —ΑΝΤΙΚΑΤΑΣΤΑΣΙΣ τοῦ Πάπα. —Ο ΣΥΝΤΑΓΜΑΤΑΡΧΗΣ ΝΑΣΣΕΡ. —ΑΠΕΚΑΛΥΦΘΗ ὅτι. —ΑΛΕΞΙΣ ἐγκατεστάθη.

—ΗΡΧΙΣΕΝ ΕΙΣ ΤΗΝ ΛΙΣΣΑΒΩΝΑ ἡ συνέλευσις τῆς διεθνοῦς ὀργανώσεως. —Ο ΠΑΠΑΣ ἐδέχθη εἰς ἀκρόασιν. —ΑΙΓΥΠΤΙΑΚΗ ἀεροπορικὴ γραμμή. —ΟΙ ΙΑΠΩΝΕΣ ΕΓΚΑΤΑΣΤΑΣΕΙΣ. —ΚΑΤΑΣΤΑΣΙΣ ΕΚΤΑΚΤΟΥ ΑΝΑΓΚΗΣ. —ΤΟ ΒΑΤΙΚΑΝΟΝ ἀνακοινοῖ. —ΑΝΤΙΠΡΟΣΩΠΕΙΑ τῆς κυβερνήσεως. —Ο ΡΑΔΙΟΦΩΝΙΚΟΣ ΣΤΑΘΜΟΣ. —ΑΝΤΙΚΑΤΑΣΤΑΣΙΣ τοῦ Πάπα. —Ο ΣΥΝΤΑΓΜΑΤΑΡΧΗΣ ΝΑΣΣΕΡ. —ΑΠΕΚΑΛΥΦΘΗ ὅτι. —ΑΛΕΞΙΣ ἐγκατεστάθη.

—ΗΡΧΙΣΕΝ ΕΙΣ ΤΗΝ ΛΙΣΣΑΒΩΝΑ ἡ συνέλευσις τῆς διεθνοῦς ὀργανώσεως. —Ο ΠΑΠΑΣ ἐδέχθη εἰς ἀκρόασιν. —ΑΙΓΥΠΤΙΑΚΗ ἀεροπορικὴ γραμμή. —ΟΙ ΙΑΠΩΝΕΣ ΕΓΚΑΤΑΣΤΑΣΕΙΣ. —ΚΑΤΑΣΤΑΣΙΣ ΕΚΤΑΚΤΟΥ ΑΝΑΓΚΗΣ. —ΤΟ ΒΑΤΙΚΑΝΟΝ ἀνακοινοῖ. —ΑΝΤΙΠΡΟΣΩΠΕΙΑ τῆς κυβερνήσεως. —Ο ΡΑΔΙΟΦΩΝΙΚΟΣ ΣΤΑΘΜΟΣ. —ΑΝΤΙΚΑΤΑΣΤΑΣΙΣ τοῦ Πάπα. —Ο ΣΥΝΤΑΓΜΑΤΑΡΧΗΣ ΝΑΣΣΕΡ. —ΑΠΕΚΑΛΥΦΘΗ ὅτι. —ΑΛΕΞΙΣ ἐγκατεστάθη.

—ΗΡΧΙΣΕΝ ΕΙΣ ΤΗΝ ΛΙΣΣΑΒΩΝΑ ἡ συνέλευσις τῆς διεθνοῦς ὀργανώσεως. —Ο ΠΑΠΑΣ ἐδέχθη εἰς ἀκρόασιν. —ΑΙΓΥΠΤΙΑΚΗ ἀεροπορικὴ γραμμή. —ΟΙ ΙΑΠΩΝΕΣ ΕΓΚΑΤΑΣΤΑΣΕΙΣ. —ΚΑΤΑΣΤΑΣΙΣ ΕΚΤΑΚΤΟΥ ΑΝΑΓΚΗΣ. —ΤΟ ΒΑΤΙΚΑΝΟΝ ἀνακοινοῖ. —ΑΝΤΙΠΡΟΣΩΠΕΙΑ τῆς κυβερνήσεως. —Ο ΡΑΔΙΟΦΩΝΙΚΟΣ ΣΤΑΘΜΟΣ. —ΑΝΤΙΚΑΤΑΣΤΑΣΙΣ τοῦ Πάπα. —Ο ΣΥΝΤΑΓΜΑΤΑΡΧΗΣ ΝΑΣΣΕΡ. —ΑΠΕΚΑΛΥΦΘΗ ὅτι. —ΑΛΕΞΙΣ ἐγκατεστάθη.

ΗΡΧΙΣΕ ΜΙΑ ΝΕΑ ΣΕΙΡΑ ΔΙΚΩΝ ΚΑΤΑ ΤΟΥ «ΙΑΤΡΟΥ ΤΩΝ ΧΗΡΩΝ»
ΑΛΛ' Ο ΔΡ ΑΔΑΜΣ ΔΕΝ ΑΝΗΣΥΧΕΙ

ΗΣΤΜΠΑΡΝ, 21. (Ἀσ. Πρές). — Ἤρχισε σήμερον μία νέα σειρὰ δικῶν κατὰ τοῦ ἰατροῦ Ἄνταμς, ὅστις κατηγορεῖται ὅτι ἐδηλητηρίασε πλουσίας χήρας, αἱ ὁποῖαι τοῦ ἐκληροδότησαν τὰς περιουσίας των.

ΗΣΤΜΠΑΡΝ, 21. (Ἀσ. Πρές). — Ἤρχισε σήμερον μία νέα σειρὰ δικῶν κατὰ τοῦ ἰατροῦ Ἄνταμς, ὅστις κατηγορεῖται ὅτι ἐδηλητηρίασε πλουσίας χήρας, αἱ ὁποῖαι τοῦ ἐκληροδότησαν τὰς περιουσίας των.

ΗΣΤΜΠΑΡΝ, 21. (Ἀσ. Πρές). — Ἤρχισε σήμερον μία νέα σειρὰ δικῶν κατὰ τοῦ ἰατροῦ Ἄνταμς, ὅστις κατηγορεῖται ὅτι ἐδηλητηρίασε πλουσίας χήρας, αἱ ὁποῖαι τοῦ ἐκληροδότησαν τὰς περιουσίας των.
